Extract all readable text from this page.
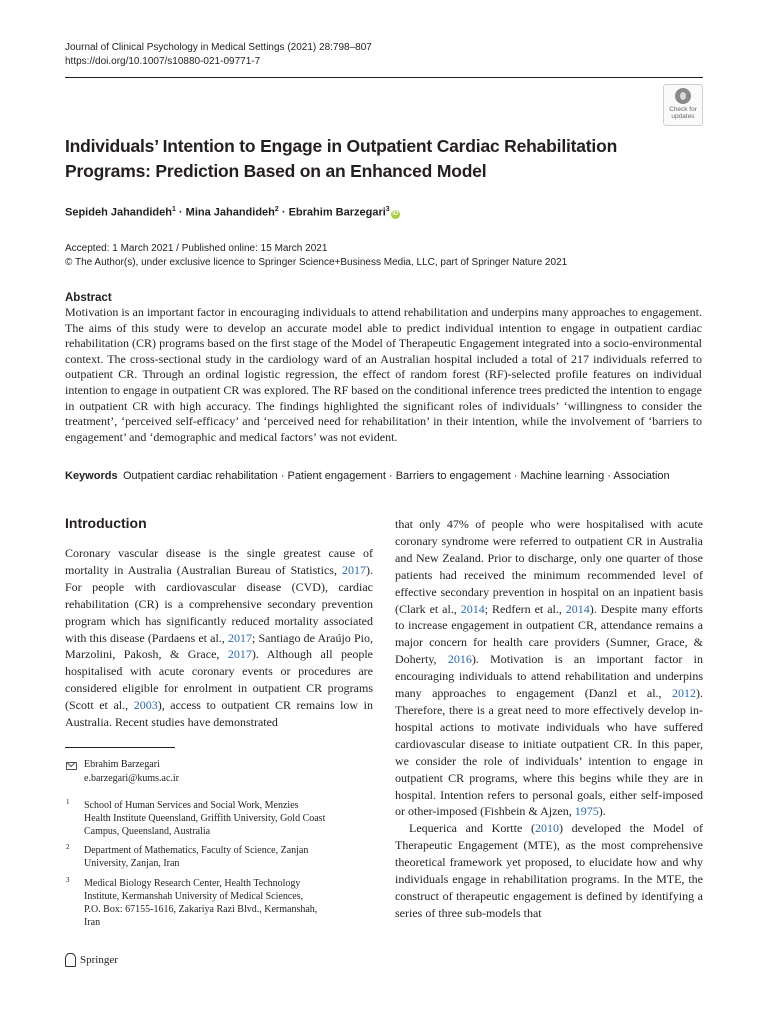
Journal of Clinical Psychology in Medical Settings (2021) 28:798–807
https://doi.org/10.1007/s10880-021-09771-7
Check for
updates
Individuals’ Intention to Engage in Outpatient Cardiac Rehabilitation Programs: Prediction Based on an Enhanced Model
Sepideh Jahandideh$^1$ · Mina Jahandideh$^2$ · Ebrahim Barzegari$^3$iD
Accepted: 1 March 2021 / Published online: 15 March 2021
© The Author(s), under exclusive licence to Springer Science+Business Media, LLC, part of Springer Nature 2021
Abstract
Motivation is an important factor in encouraging individuals to attend rehabilitation and underpins many approaches to engagement. The aims of this study were to develop an accurate model able to predict individual intention to engage in outpatient cardiac rehabilitation (CR) programs based on the first stage of the Model of Therapeutic Engagement integrated into a socio-environmental context. The cross-sectional study in the cardiology ward of an Australian hospital included a total of 217 individuals referred to outpatient CR. Through an ordinal logistic regression, the effect of random forest (RF)-selected profile features on individual intention to engage in outpatient CR was explored. The RF based on the conditional inference trees predicted the intention to engage in outpatient CR with high accuracy. The findings highlighted the significant roles of individuals’ ‘willingness to consider the treatment’, ‘perceived self-efficacy’ and ‘perceived need for rehabilitation’ in their intention, while the involvement of ‘barriers to engagement’ and ‘demographic and medical factors’ was not evident.
Keywords Outpatient cardiac rehabilitation · Patient engagement · Barriers to engagement · Machine learning · Association
Introduction
Coronary vascular disease is the single greatest cause of mortality in Australia (Australian Bureau of Statistics, 2017). For people with cardiovascular disease (CVD), cardiac rehabilitation (CR) is a comprehensive secondary prevention program which has significantly reduced mortality associated with this disease (Pardaens et al., 2017; Santiago de Araújo Pio, Marzolini, Pakosh, & Grace, 2017). Although all people hospitalised with acute coronary events or procedures are considered eligible for enrolment in outpatient CR programs (Scott et al., 2003), access to outpatient CR remains low in Australia. Recent studies have demonstrated

that only 47% of people who were hospitalised with acute coronary syndrome were referred to outpatient CR in Australia and New Zealand. Prior to discharge, only one quarter of those patients had received the minimum recommended level of effective secondary prevention in hospital on an inpatient basis (Clark et al., 2014; Redfern et al., 2014). Despite many efforts to increase engagement in outpatient CR, attendance remains a major concern for health care providers (Sumner, Grace, & Doherty, 2016). Motivation is an important factor in encouraging individuals to attend rehabilitation and underpins many approaches to engagement (Danzl et al., 2012). Therefore, there is a great need to more effectively develop in-hospital actions to motivate individuals who have suffered cardiovascular disease to initiate outpatient CR. In this paper, we consider the role of individuals’ intention to engage in outpatient CR programs, where this begins while they are in hospital. Intention refers to personal goals, either self-imposed or other-imposed (Fishbein & Ajzen, 1975).

Lequerica and Kortte (2010) developed the Model of Therapeutic Engagement (MTE), as the most comprehensive theoretical framework yet proposed, to elucidate how and why individuals engage in rehabilitation programs. In the MTE, the construct of therapeutic engagement is defined by identifying a series of three sub-models that

Ebrahim Barzegari
e.barzegari@kums.ac.ir
1 School of Human Services and Social Work, Menzies
Health Institute Queensland, Griffith University, Gold Coast
Campus, Queensland, Australia
2 Department of Mathematics, Faculty of Science, Zanjan
University, Zanjan, Iran
3 Medical Biology Research Center, Health Technology
Institute, Kermanshah University of Medical Sciences,
P.O. Box: 67155-1616, Zakariya Razi Blvd., Kermanshah,
Iran
Springer
